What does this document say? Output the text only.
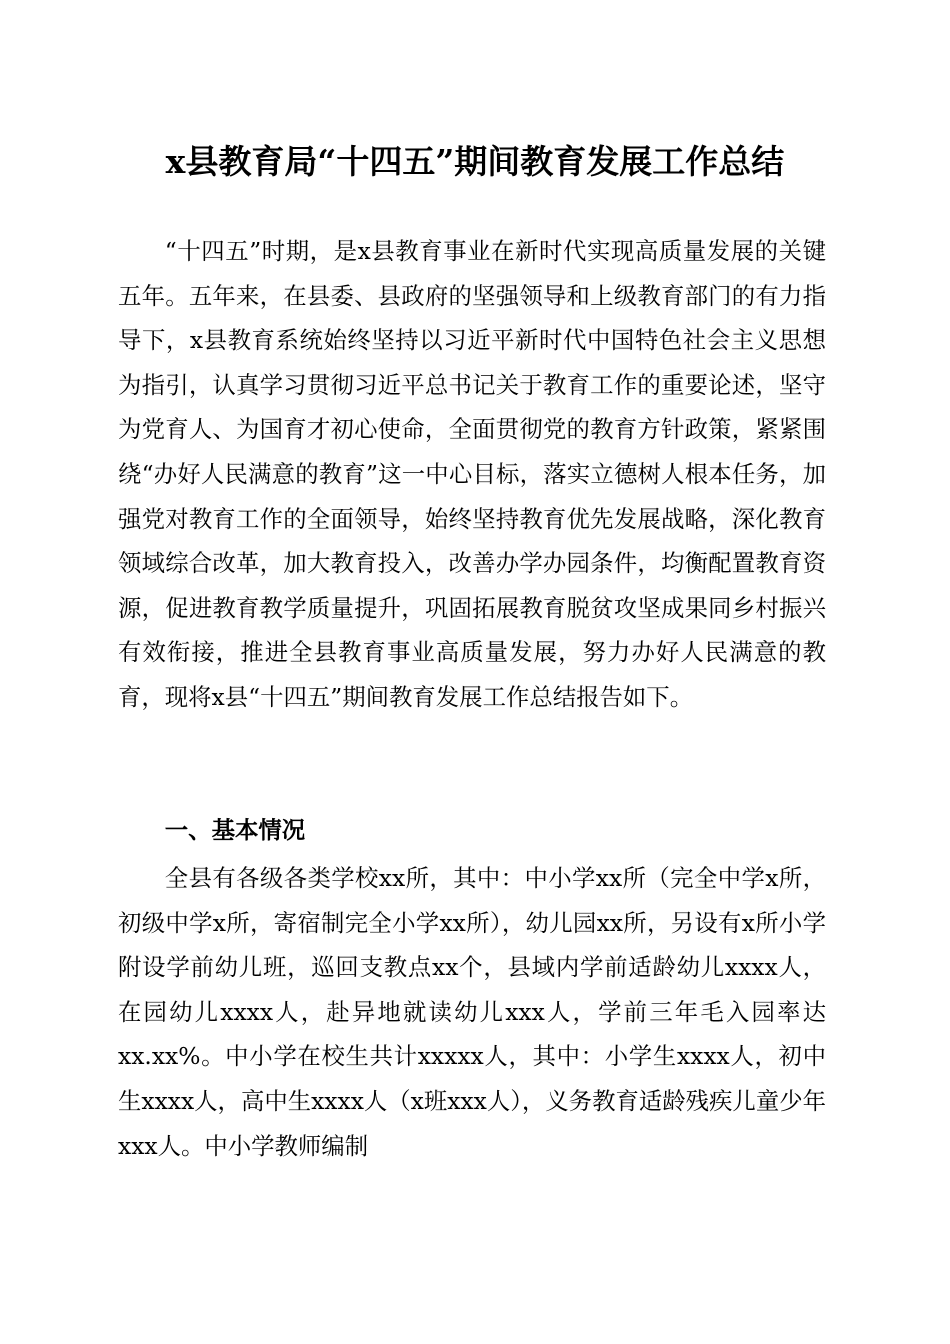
x县教育局“十四五”期间教育发展工作总结

“十四五”时期，是x县教育事业在新时代实现高质量发展的关键五年。五年来，在县委、县政府的坚强领导和上级教育部门的有力指导下，x县教育系统始终坚持以习近平新时代中国特色社会主义思想为指引，认真学习贯彻习近平总书记关于教育工作的重要论述，坚守为党育人、为国育才初心使命，全面贯彻党的教育方针政策，紧紧围绕“办好人民满意的教育”这一中心目标，落实立德树人根本任务，加强党对教育工作的全面领导，始终坚持教育优先发展战略，深化教育领域综合改革，加大教育投入，改善办学办园条件，均衡配置教育资源，促进教育教学质量提升，巩固拓展教育脱贫攻坚成果同乡村振兴有效衔接，推进全县教育事业高质量发展，努力办好人民满意的教育，现将x县“十四五”期间教育发展工作总结报告如下。

一、基本情况

全县有各级各类学校xx所，其中：中小学xx所（完全中学x所，初级中学x所，寄宿制完全小学xx所），幼儿园xx所，另设有x所小学附设学前幼儿班，巡回支教点xx个，县域内学前适龄幼儿xxxx人，在园幼儿xxxx人，赴异地就读幼儿xxx人，学前三年毛入园率达xx.xx%。中小学在校生共计xxxxx人，其中：小学生xxxx人，初中生xxxx人，高中生xxxx人（x班xxx人），义务教育适龄残疾儿童少年xxx人。中小学教师编制
